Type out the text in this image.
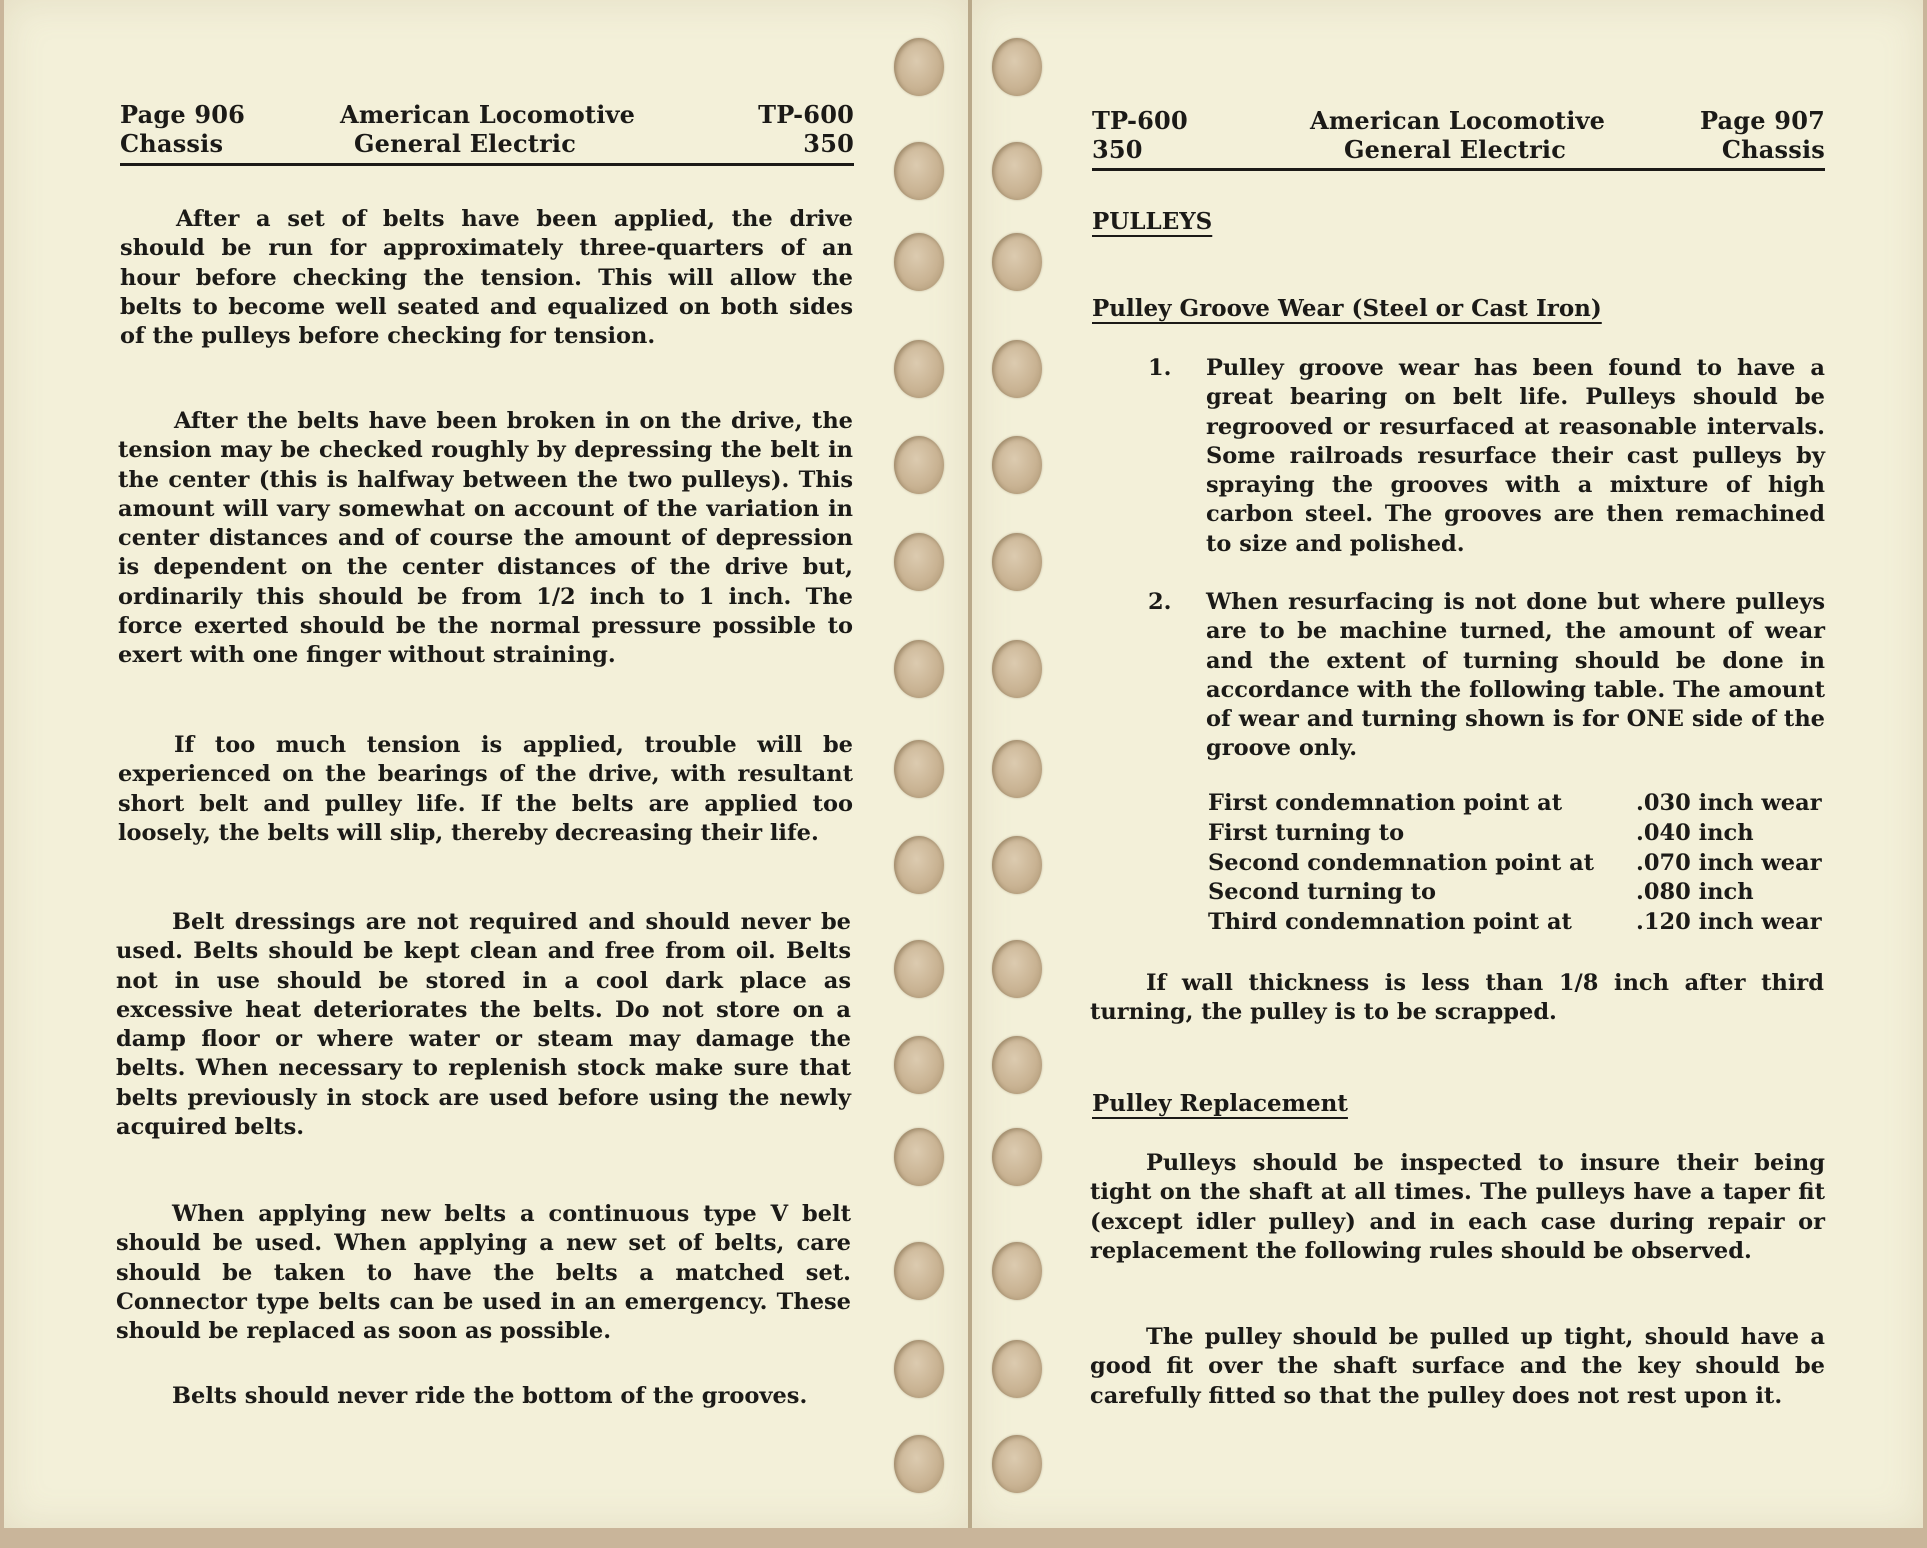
Page 906
Chassis
American Locomotive
General Electric
TP-600
350
After a set of belts have been applied, the drive should be run for approximately three-quarters of an hour before checking the tension. This will allow the belts to become well seated and equalized on both sides of the pulleys before checking for tension.
After the belts have been broken in on the drive, the tension may be checked roughly by depressing the belt in the center (this is halfway between the two pulleys). This amount will vary somewhat on account of the variation in center distances and of course the amount of depression is dependent on the center distances of the drive but, ordinarily this should be from 1/2 inch to 1 inch. The force exerted should be the normal pressure possible to exert with one finger without straining.
If too much tension is applied, trouble will be experienced on the bearings of the drive, with resultant short belt and pulley life. If the belts are applied too loosely, the belts will slip, thereby decreasing their life.
Belt dressings are not required and should never be used. Belts should be kept clean and free from oil. Belts not in use should be stored in a cool dark place as excessive heat deteriorates the belts. Do not store on a damp floor or where water or steam may damage the belts. When necessary to replenish stock make sure that belts previously in stock are used before using the newly acquired belts.
When applying new belts a continuous type V belt should be used. When applying a new set of belts, care should be taken to have the belts a matched set. Connector type belts can be used in an emergency. These should be replaced as soon as possible.
Belts should never ride the bottom of the grooves.
TP-600
350
American Locomotive
General Electric
Page 907
Chassis
PULLEYS
Pulley Groove Wear (Steel or Cast Iron)
1. Pulley groove wear has been found to have a great bearing on belt life. Pulleys should be regrooved or resurfaced at reasonable intervals. Some railroads resurface their cast pulleys by spraying the grooves with a mixture of high carbon steel. The grooves are then remachined to size and polished.
2. When resurfacing is not done but where pulleys are to be machine turned, the amount of wear and the extent of turning should be done in accordance with the following table. The amount of wear and turning shown is for ONE side of the groove only.
First condemnation point at	.030 inch wear
First turning to	.040 inch
Second condemnation point at	.070 inch wear
Second turning to	.080 inch
Third condemnation point at	.120 inch wear
If wall thickness is less than 1/8 inch after third turning, the pulley is to be scrapped.
Pulley Replacement
Pulleys should be inspected to insure their being tight on the shaft at all times. The pulleys have a taper fit (except idler pulley) and in each case during repair or replacement the following rules should be observed.
The pulley should be pulled up tight, should have a good fit over the shaft surface and the key should be carefully fitted so that the pulley does not rest upon it.
